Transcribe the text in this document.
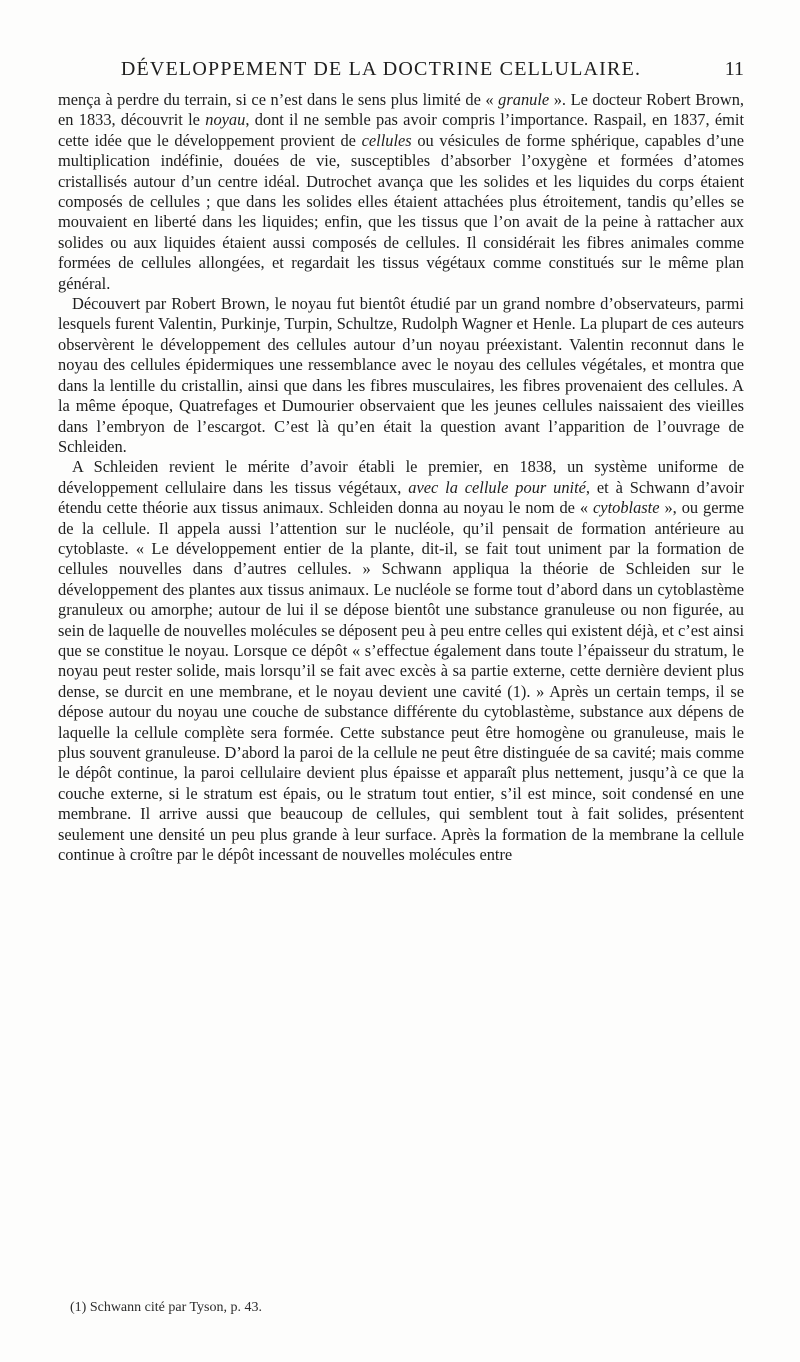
DÉVELOPPEMENT DE LA DOCTRINE CELLULAIRE.	11

mença à perdre du terrain, si ce n’est dans le sens plus limité de « granule ». Le docteur Robert Brown, en 1833, découvrit le noyau, dont il ne semble pas avoir compris l’importance. Raspail, en 1837, émit cette idée que le développement provient de cellules ou vésicules de forme sphérique, capables d’une multiplication indéfinie, douées de vie, susceptibles d’absorber l’oxygène et formées d’atomes cristallisés autour d’un centre idéal. Dutrochet avança que les solides et les liquides du corps étaient composés de cellules ; que dans les solides elles étaient attachées plus étroitement, tandis qu’elles se mouvaient en liberté dans les liquides; enfin, que les tissus que l’on avait de la peine à rattacher aux solides ou aux liquides étaient aussi composés de cellules. Il considérait les fibres animales comme formées de cellules allongées, et regardait les tissus végétaux comme constitués sur le même plan général.

Découvert par Robert Brown, le noyau fut bientôt étudié par un grand nombre d’observateurs, parmi lesquels furent Valentin, Purkinje, Turpin, Schultze, Rudolph Wagner et Henle. La plupart de ces auteurs observèrent le développement des cellules autour d’un noyau préexistant. Valentin reconnut dans le noyau des cellules épidermiques une ressemblance avec le noyau des cellules végétales, et montra que dans la lentille du cristallin, ainsi que dans les fibres musculaires, les fibres provenaient des cellules. A la même époque, Quatrefages et Dumourier observaient que les jeunes cellules naissaient des vieilles dans l’embryon de l’escargot. C’est là qu’en était la question avant l’apparition de l’ouvrage de Schleiden.

A Schleiden revient le mérite d’avoir établi le premier, en 1838, un système uniforme de développement cellulaire dans les tissus végétaux, avec la cellule pour unité, et à Schwann d’avoir étendu cette théorie aux tissus animaux. Schleiden donna au noyau le nom de « cytoblaste », ou germe de la cellule. Il appela aussi l’attention sur le nucléole, qu’il pensait de formation antérieure au cytoblaste. « Le développement entier de la plante, dit-il, se fait tout uniment par la formation de cellules nouvelles dans d’autres cellules. » Schwann appliqua la théorie de Schleiden sur le développement des plantes aux tissus animaux. Le nucléole se forme tout d’abord dans un cytoblastème granuleux ou amorphe; autour de lui il se dépose bientôt une substance granuleuse ou non figurée, au sein de laquelle de nouvelles molécules se déposent peu à peu entre celles qui existent déjà, et c’est ainsi que se constitue le noyau. Lorsque ce dépôt « s’effectue également dans toute l’épaisseur du stratum, le noyau peut rester solide, mais lorsqu’il se fait avec excès à sa partie externe, cette dernière devient plus dense, se durcit en une membrane, et le noyau devient une cavité (1). » Après un certain temps, il se dépose autour du noyau une couche de substance différente du cytoblastème, substance aux dépens de laquelle la cellule complète sera formée. Cette substance peut être homogène ou granuleuse, mais le plus souvent granuleuse. D’abord la paroi de la cellule ne peut être distinguée de sa cavité; mais comme le dépôt continue, la paroi cellulaire devient plus épaisse et apparaît plus nettement, jusqu’à ce que la couche externe, si le stratum est épais, ou le stratum tout entier, s’il est mince, soit condensé en une membrane. Il arrive aussi que beaucoup de cellules, qui semblent tout à fait solides, présentent seulement une densité un peu plus grande à leur surface. Après la formation de la membrane la cellule continue à croître par le dépôt incessant de nouvelles molécules entre

(1) Schwann cité par Tyson, p. 43.
